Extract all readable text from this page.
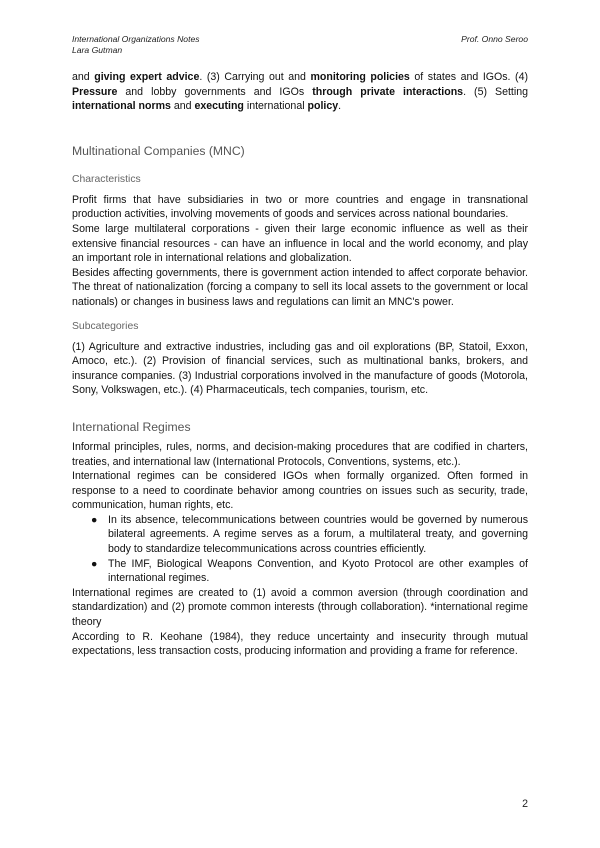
International Organizations Notes
Lara Gutman
Prof. Onno Seroo

and giving expert advice. (3) Carrying out and monitoring policies of states and IGOs. (4) Pressure and lobby governments and IGOs through private interactions. (5) Setting international norms and executing international policy.

Multinational Companies (MNC)
Characteristics

Profit firms that have subsidiaries in two or more countries and engage in transnational production activities, involving movements of goods and services across national boundaries.

Some large multilateral corporations - given their large economic influence as well as their extensive financial resources - can have an influence in local and the world economy, and play an important role in international relations and globalization.

Besides affecting governments, there is government action intended to affect corporate behavior. The threat of nationalization (forcing a company to sell its local assets to the government or local nationals) or changes in business laws and regulations can limit an MNC's power.

Subcategories

(1) Agriculture and extractive industries, including gas and oil explorations (BP, Statoil, Exxon, Amoco, etc.). (2) Provision of financial services, such as multinational banks, brokers, and insurance companies. (3) Industrial corporations involved in the manufacture of goods (Motorola, Sony, Volkswagen, etc.). (4) Pharmaceuticals, tech companies, tourism, etc.

International Regimes

Informal principles, rules, norms, and decision-making procedures that are codified in charters, treaties, and international law (International Protocols, Conventions, systems, etc.).

International regimes can be considered IGOs when formally organized. Often formed in response to a need to coordinate behavior among countries on issues such as security, trade, communication, human rights, etc.

● In its absence, telecommunications between countries would be governed by numerous bilateral agreements. A regime serves as a forum, a multilateral treaty, and governing body to standardize telecommunications across countries efficiently.
● The IMF, Biological Weapons Convention, and Kyoto Protocol are other examples of international regimes.

International regimes are created to (1) avoid a common aversion (through coordination and standardization) and (2) promote common interests (through collaboration). *international regime theory

According to R. Keohane (1984), they reduce uncertainty and insecurity through mutual expectations, less transaction costs, producing information and providing a frame for reference.

2
